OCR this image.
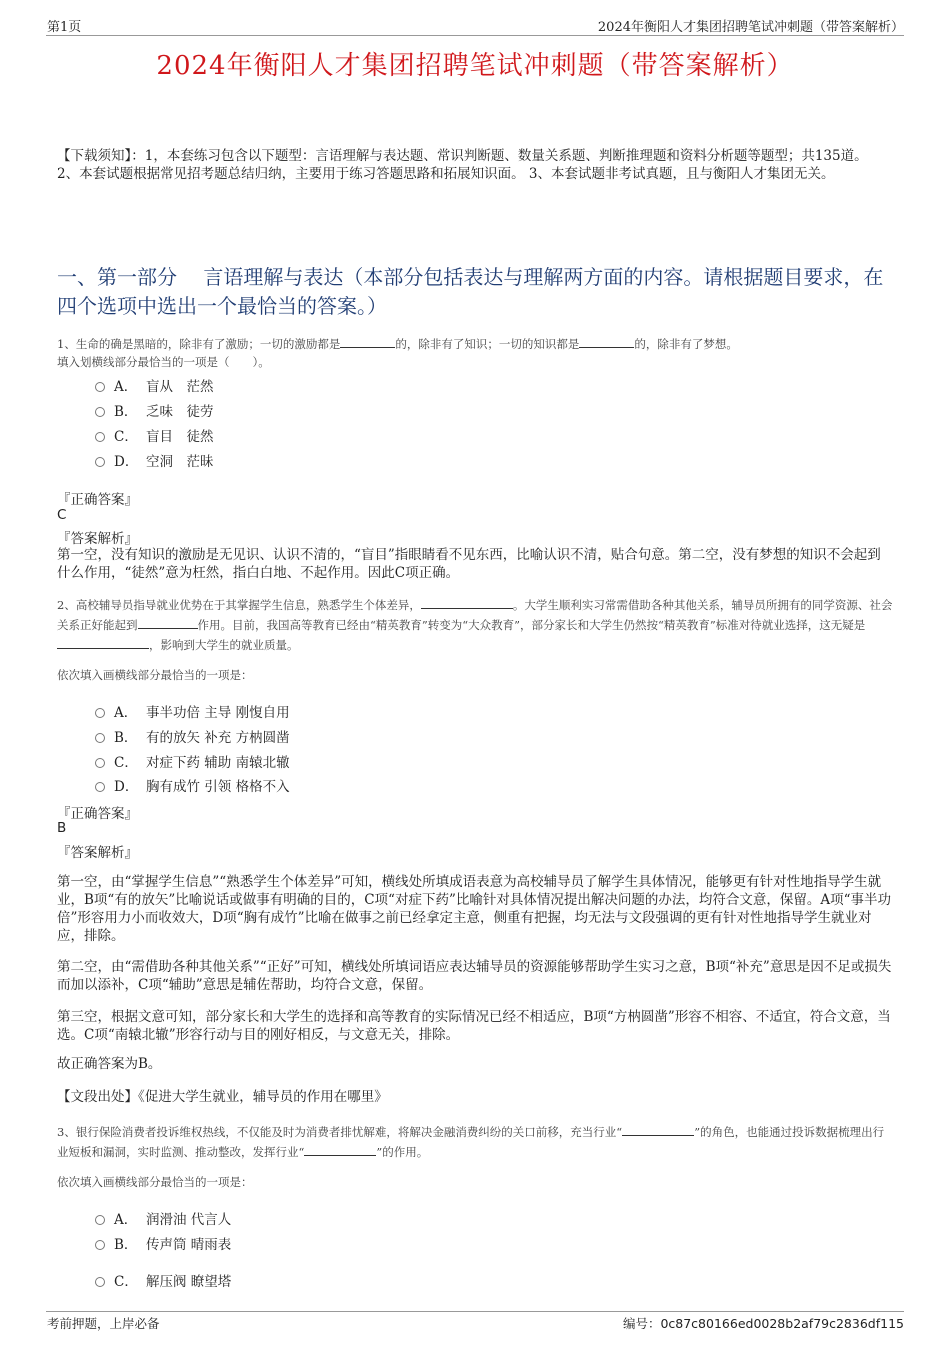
第1页	2024年衡阳人才集团招聘笔试冲刺题（带答案解析）
2024年衡阳人才集团招聘笔试冲刺题（带答案解析）
【下载须知】：1，本套练习包含以下题型：言语理解与表达题、常识判断题、数量关系题、判断推理题和资料分析题等题型；共135道。 2、本套试题根据常见招考题总结归纳，主要用于练习答题思路和拓展知识面。 3、本套试题非考试真题，且与衡阳人才集团无关。
一、第一部分　 言语理解与表达（本部分包括表达与理解两方面的内容。请根据题目要求，在四个选项中选出一个最恰当的答案。）
1、生命的确是黑暗的，除非有了激励；一切的激励都是	的，除非有了知识；一切的知识都是	的，除非有了梦想。
填入划横线部分最恰当的一项是（　　）。
A． 盲从　茫然
B． 乏味　徒劳
C． 盲目　徒然
D． 空洞　茫昧
『正确答案』
C
『答案解析』
第一空，没有知识的激励是无见识、认识不清的，“盲目”指眼睛看不见东西，比喻认识不清，贴合句意。第二空，没有梦想的知识不会起到什么作用，“徒然”意为枉然，指白白地、不起作用。因此C项正确。
2、高校辅导员指导就业优势在于其掌握学生信息，熟悉学生个体差异，	。大学生顺利实习常需借助各种其他关系，辅导员所拥有的同学资源、社会关系正好能起到	作用。目前，我国高等教育已经由“精英教育”转变为“大众教育”，部分家长和大学生仍然按“精英教育”标准对待就业选择，这无疑是，影响到大学生的就业质量。
依次填入画横线部分最恰当的一项是：
A． 事半功倍 主导 刚愎自用
B． 有的放矢 补充 方枘圆凿
C． 对症下药 辅助 南辕北辙
D． 胸有成竹 引领 格格不入
『正确答案』
B
『答案解析』
第一空，由“掌握学生信息”“熟悉学生个体差异”可知，横线处所填成语表意为高校辅导员了解学生具体情况，能够更有针对性地指导学生就业，B项“有的放矢”比喻说话或做事有明确的目的，C项“对症下药”比喻针对具体情况提出解决问题的办法，均符合文意，保留。A项“事半功倍”形容用力小而收效大，D项“胸有成竹”比喻在做事之前已经拿定主意，侧重有把握，均无法与文段强调的更有针对性地指导学生就业对应，排除。
第二空，由“需借助各种其他关系”“正好”可知，横线处所填词语应表达辅导员的资源能够帮助学生实习之意，B项“补充”意思是因不足或损失而加以添补，C项“辅助”意思是辅佐帮助，均符合文意，保留。
第三空，根据文意可知，部分家长和大学生的选择和高等教育的实际情况已经不相适应，B项“方枘圆凿”形容不相容、不适宜，符合文意，当选。C项“南辕北辙”形容行动与目的刚好相反，与文意无关，排除。
故正确答案为B。
【文段出处】《促进大学生就业，辅导员的作用在哪里》
3、银行保险消费者投诉维权热线，不仅能及时为消费者排忧解难，将解决金融消费纠纷的关口前移，充当行业“	”的角色，也能通过投诉数据梳理出行业短板和漏洞，实时监测、推动整改，发挥行业“	”的作用。
依次填入画横线部分最恰当的一项是：
A． 润滑油 代言人
B． 传声筒 晴雨表
C． 解压阀 瞭望塔
考前押题，上岸必备	编号：0c87c80166ed0028b2af79c2836df115
